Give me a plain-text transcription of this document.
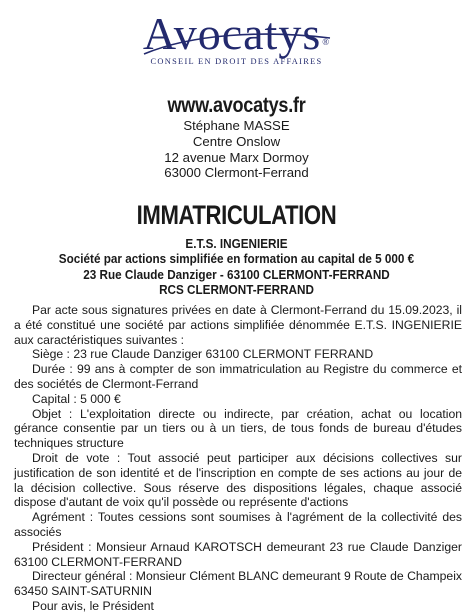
Avocatys®
CONSEIL EN DROIT DES AFFAIRES
www.avocatys.fr
Stéphane MASSE
Centre Onslow
12 avenue Marx Dormoy
63000 Clermont-Ferrand
IMMATRICULATION
E.T.S. INGENIERIE
Société par actions simplifiée en formation au capital de 5 000 €
23 Rue Claude Danziger - 63100 CLERMONT-FERRAND
RCS CLERMONT-FERRAND

Par acte sous signatures privées en date à Clermont-Ferrand du 15.09.2023, il a été constitué une société par actions simplifiée dénommée E.T.S. INGENIERIE aux caractéristiques suivantes :

Siège : 23 rue Claude Danziger 63100 CLERMONT FERRAND

Durée : 99 ans à compter de son immatriculation au Registre du commerce et des sociétés de Clermont-Ferrand

Capital : 5 000 €

Objet : L'exploitation directe ou indirecte, par création, achat ou location gérance consentie par un tiers ou à un tiers, de tous fonds de bureau d'études techniques structure

Droit de vote : Tout associé peut participer aux décisions collectives sur justification de son identité et de l'inscription en compte de ses actions au jour de la décision collective. Sous réserve des dispositions légales, chaque associé dispose d'autant de voix qu'il possède ou représente d'actions

Agrément : Toutes cessions sont soumises à l'agrément de la collectivité des associés

Président : Monsieur Arnaud KAROTSCH demeurant 23 rue Claude Danziger 63100 CLERMONT-FERRAND

Directeur général : Monsieur Clément BLANC demeurant 9 Route de Champeix 63450 SAINT-SATURNIN

Pour avis, le Président
